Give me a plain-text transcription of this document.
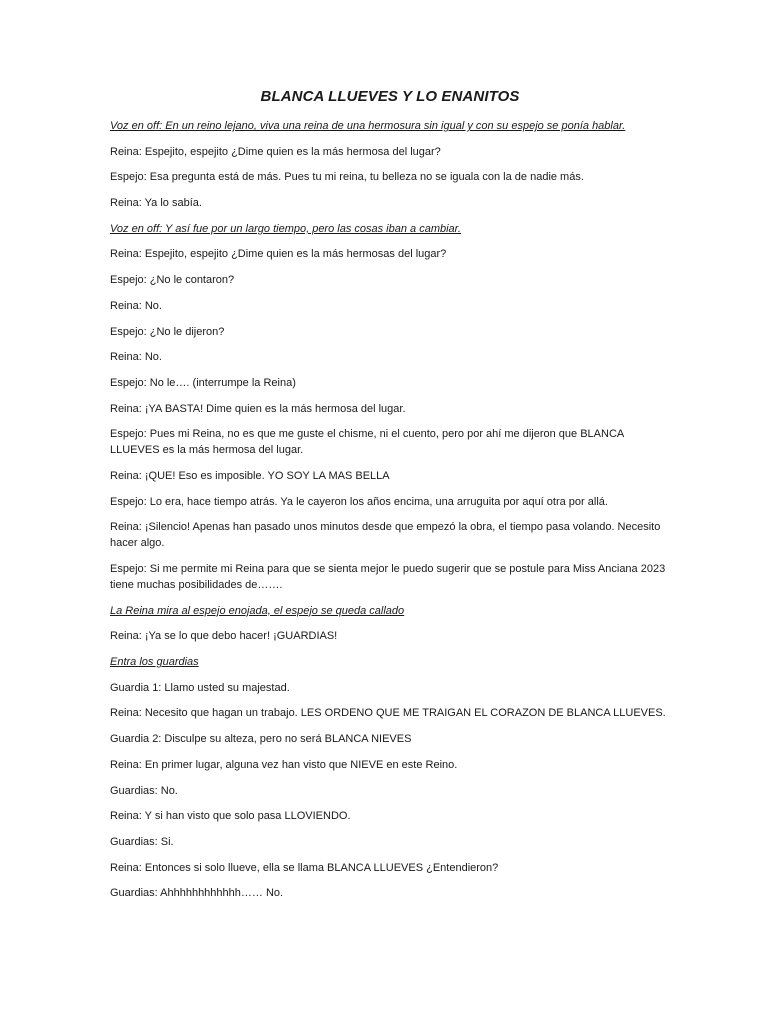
BLANCA LLUEVES Y LO ENANITOS
Voz en off: En un reino lejano, viva una reina de una hermosura sin igual y con su espejo se ponía hablar.
Reina: Espejito, espejito ¿Dime quien es la más hermosa del lugar?
Espejo: Esa pregunta está de más. Pues tu mi reina, tu belleza no se iguala con la de nadie más.
Reina: Ya lo sabía.
Voz en off: Y así fue por un largo tiempo, pero las cosas iban a cambiar.
Reina: Espejito, espejito ¿Dime quien es la más hermosas del lugar?
Espejo: ¿No le contaron?
Reina: No.
Espejo: ¿No le dijeron?
Reina: No.
Espejo: No le…. (interrumpe la Reina)
Reina: ¡YA BASTA! Dime quien es la más hermosa del lugar.
Espejo: Pues mi Reina, no es que me guste el chisme, ni el cuento, pero por ahí me dijeron que BLANCA LLUEVES es la más hermosa del lugar.
Reina: ¡QUE! Eso es imposible. YO SOY LA MAS BELLA
Espejo: Lo era, hace tiempo atrás. Ya le cayeron los años encima, una arruguita por aquí otra por allá.
Reina: ¡Silencio! Apenas han pasado unos minutos desde que empezó la obra, el tiempo pasa volando. Necesito hacer algo.
Espejo: Si me permite mi Reina para que se sienta mejor le puedo sugerir que se postule para Miss Anciana 2023 tiene muchas posibilidades de…….
La Reina mira al espejo enojada, el espejo se queda callado
Reina: ¡Ya se lo que debo hacer! ¡GUARDIAS!
Entra los guardias
Guardia 1: Llamo usted su majestad.
Reina: Necesito que hagan un trabajo. LES ORDENO QUE ME TRAIGAN EL CORAZON DE BLANCA LLUEVES.
Guardia 2: Disculpe su alteza, pero no será BLANCA NIEVES
Reina: En primer lugar, alguna vez han visto que NIEVE en este Reino.
Guardias: No.
Reina: Y si han visto que solo pasa LLOVIENDO.
Guardias: Si.
Reina: Entonces si solo llueve, ella se llama BLANCA LLUEVES ¿Entendieron?
Guardias: Ahhhhhhhhhhhh…… No.
